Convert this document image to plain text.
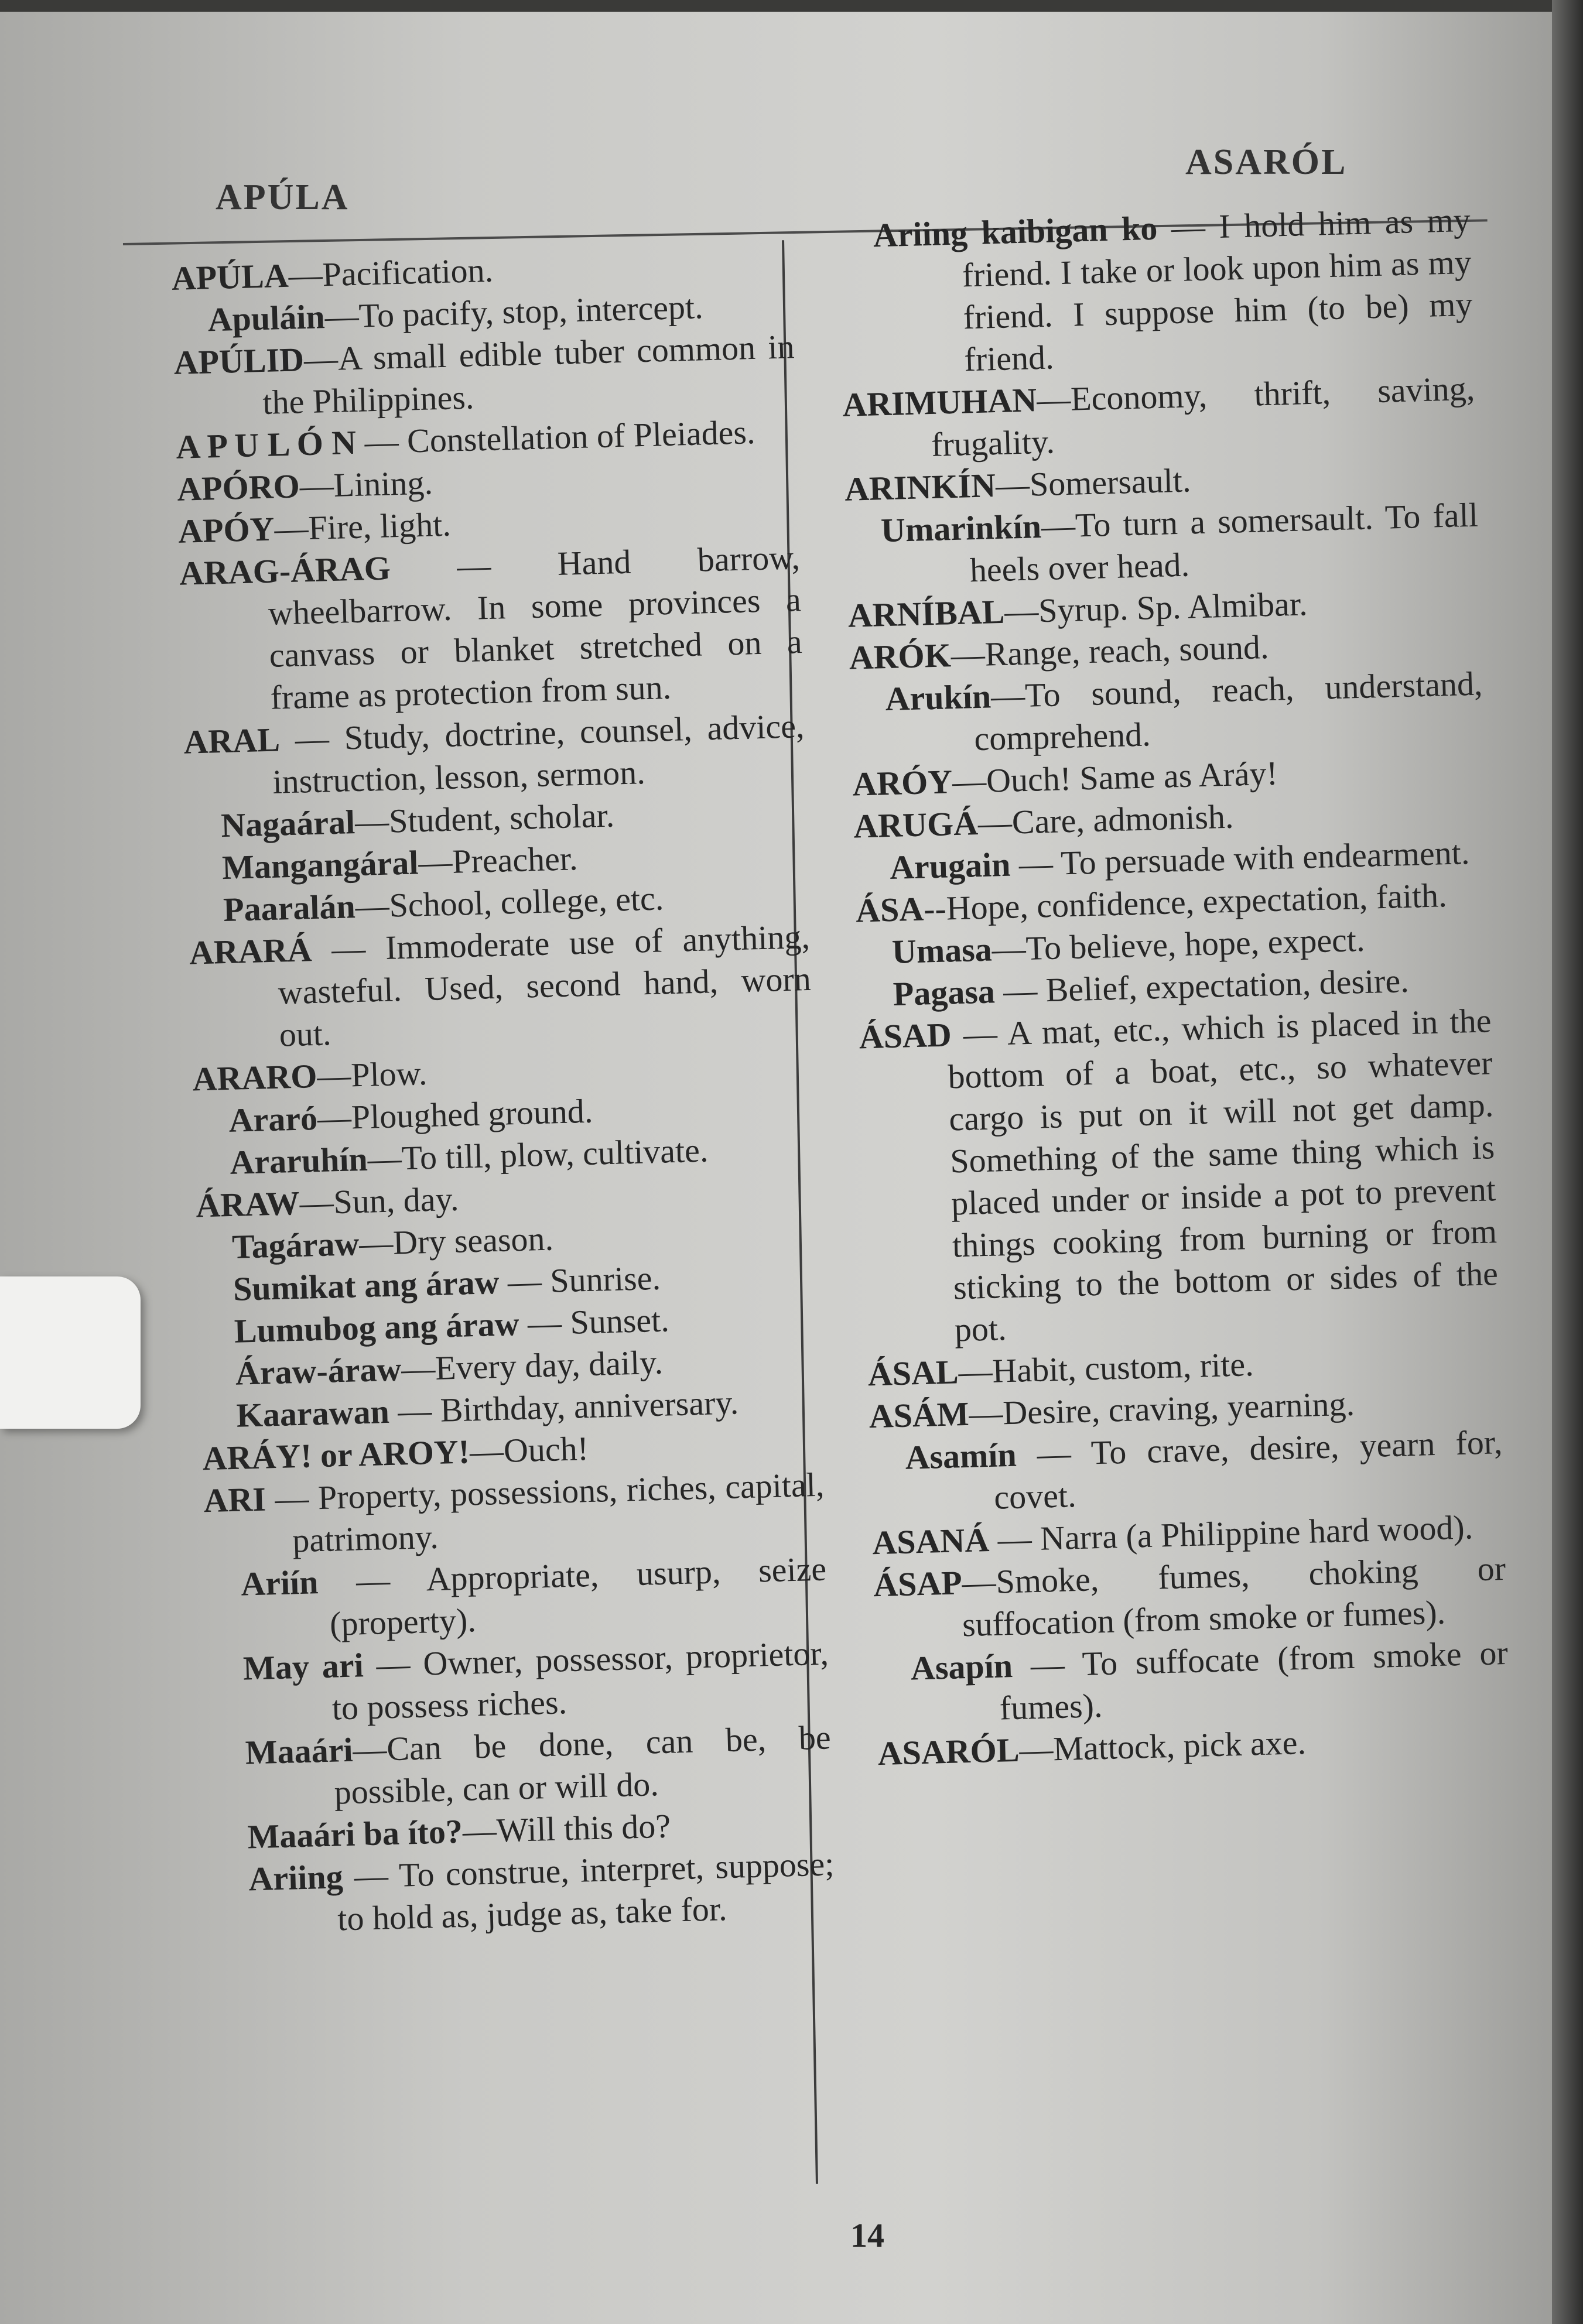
APÚLA
ASARÓL
APÚLA—Pacification.
Apuláin—To pacify, stop, intercept.
APÚLID—A small edible tuber common in the Philippines.
A P U L Ó N — Constellation of Pleiades.
APÓRO—Lining.
APÓY—Fire, light.
ARAG-ÁRAG — Hand barrow, wheelbarrow. In some provinces a canvass or blanket stretched on a frame as protection from sun.
ARAL — Study, doctrine, counsel, advice, instruction, lesson, sermon.
Nagaáral—Student, scholar.
Mangangáral—Preacher.
Paaralán—School, college, etc.
ARARÁ — Immoderate use of anything, wasteful. Used, second hand, worn out.
ARARO—Plow.
Araró—Ploughed ground.
Araruhín—To till, plow, cultivate.
ÁRAW—Sun, day.
Tagáraw—Dry season.
Sumikat ang áraw — Sunrise.
Lumubog ang áraw — Sunset.
Áraw-áraw—Every day, daily.
Kaarawan — Birthday, anniversary.
ARÁY! or AROY!—Ouch!
ARI — Property, possessions, riches, capital, patrimony.
Ariín — Appropriate, usurp, seize (property).
May ari — Owner, possessor, proprietor, to possess riches.
Maaári—Can be done, can be, be possible, can or will do.
Maaári ba íto?—Will this do?
Ariing — To construe, interpret, suppose; to hold as, judge as, take for.
Ariing kaibigan ko — I hold him as my friend. I take or look upon him as my friend. I suppose him (to be) my friend.
ARIMUHAN—Economy, thrift, saving, frugality.
ARINKÍN—Somersault.
Umarinkín—To turn a somersault. To fall heels over head.
ARNÍBAL—Syrup. Sp. Almibar.
ARÓK—Range, reach, sound.
Arukín—To sound, reach, understand, comprehend.
ARÓY—Ouch! Same as Aráy!
ARUGÁ—Care, admonish.
Arugain — To persuade with endearment.
ÁSA--Hope, confidence, expectation, faith.
Umasa—To believe, hope, expect.
Pagasa — Belief, expectation, desire.
ÁSAD — A mat, etc., which is placed in the bottom of a boat, etc., so whatever cargo is put on it will not get damp. Something of the same thing which is placed under or inside a pot to prevent things cooking from burning or from sticking to the bottom or sides of the pot.
ÁSAL—Habit, custom, rite.
ASÁM—Desire, craving, yearning.
Asamín — To crave, desire, yearn for, covet.
ASANÁ — Narra (a Philippine hard wood).
ÁSAP—Smoke, fumes, choking or suffocation (from smoke or fumes).
Asapín — To suffocate (from smoke or fumes).
ASARÓL—Mattock, pick axe.
14
